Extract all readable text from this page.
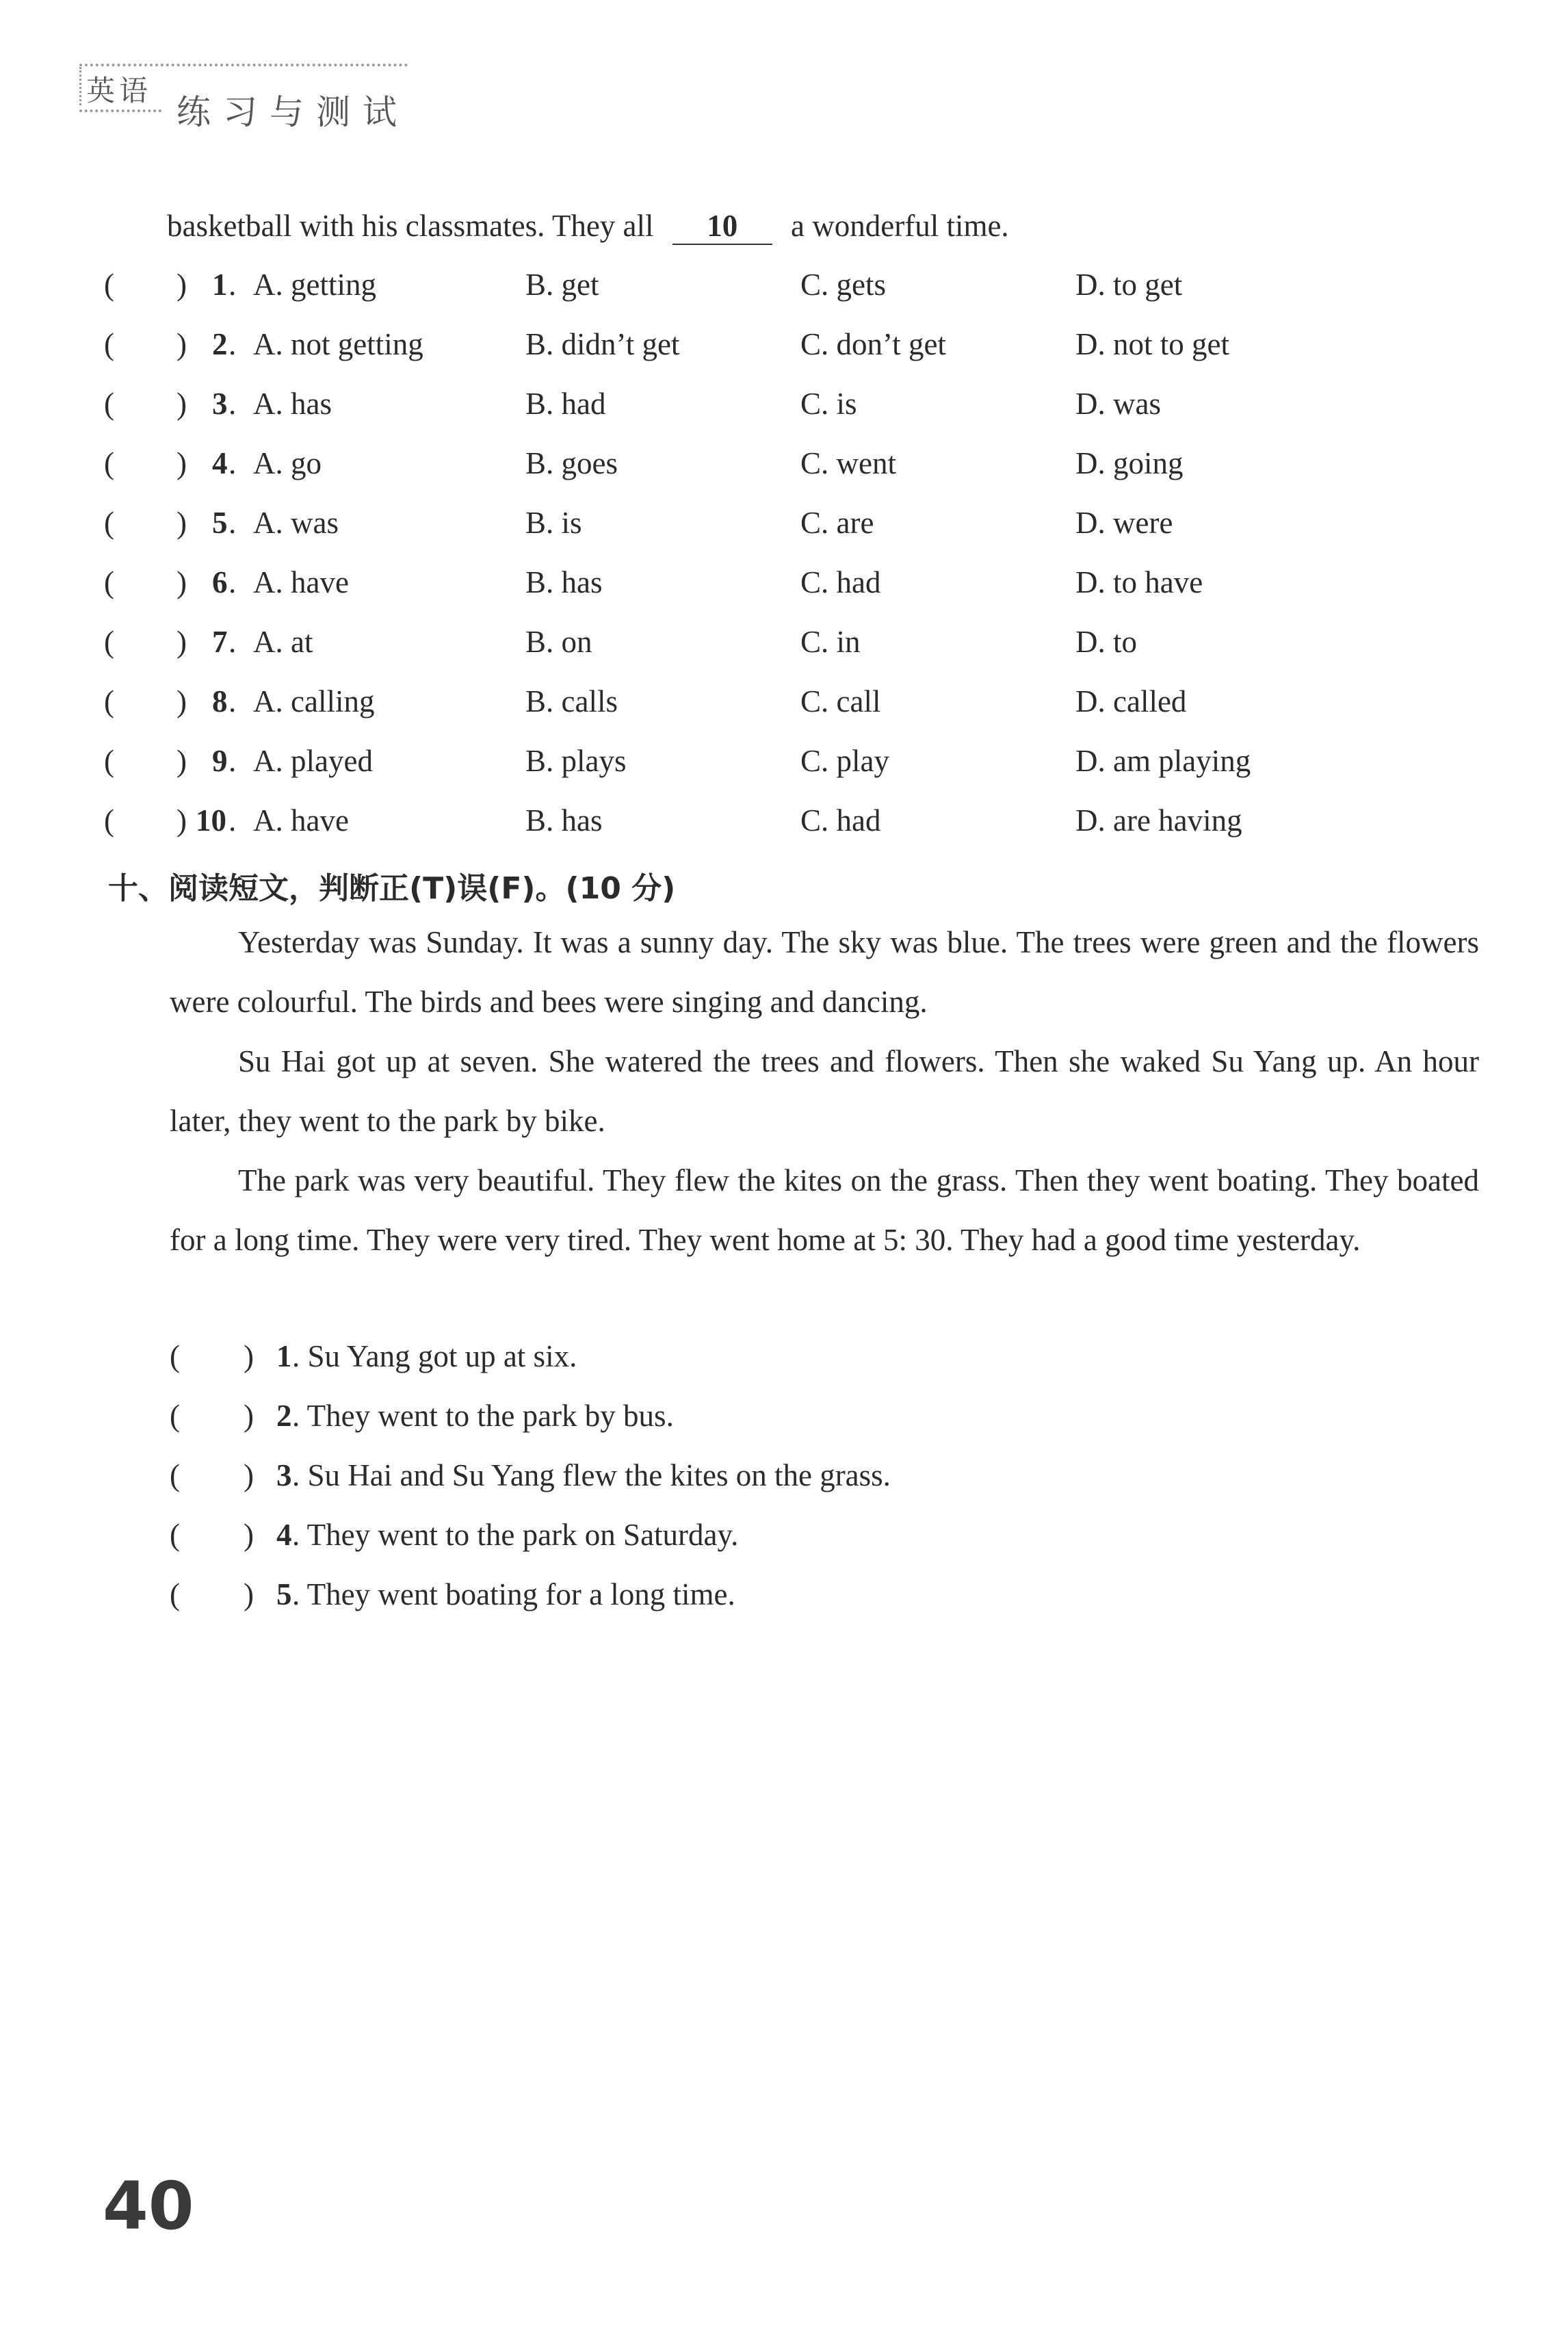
英语
练习与测试
basketball with his classmates. They all 10 a wonderful time.
( ) 1 . A. getting	B. get	C. gets	D. to get
( ) 2 . A. not getting	B. didn’t get	C. don’t get	D. not to get
( ) 3 . A. has	B. had	C. is	D. was
( ) 4 . A. go	B. goes	C. went	D. going
( ) 5 . A. was	B. is	C. are	D. were
( ) 6 . A. have	B. has	C. had	D. to have
( ) 7 . A. at	B. on	C. in	D. to
( ) 8 . A. calling	B. calls	C. call	D. called
( ) 9 . A. played	B. plays	C. play	D. am playing
( ) 10 . A. have	B. has	C. had	D. are having
十、阅读短文，判断正(T)误(F)。(10 分)

Yesterday was Sunday. It was a sunny day. The sky was blue. The trees were green and the flowers were colourful. The birds and bees were singing and dancing.

Su Hai got up at seven. She watered the trees and flowers. Then she waked Su Yang up. An hour later, they went to the park by bike.

The park was very beautiful. They flew the kites on the grass. Then they went boating. They boated for a long time. They were very tired. They went home at 5: 30. They had a good time yesterday.

( ) 1 . Su Yang got up at six.
( ) 2 . They went to the park by bus.
( ) 3 . Su Hai and Su Yang flew the kites on the grass.
( ) 4 . They went to the park on Saturday.
( ) 5 . They went boating for a long time.
40
